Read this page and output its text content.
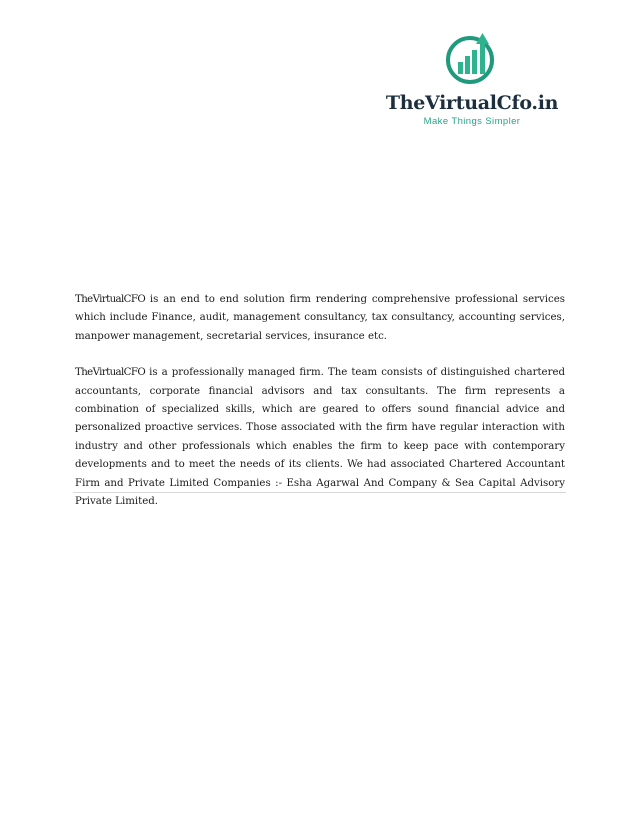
TheVirtualCfo.in
Make Things Simpler

TheVirtualCFO is an end to end solution firm rendering comprehensive professional services which include Finance, audit, management consultancy, tax consultancy, accounting services, manpower management, secretarial services, insurance etc.

TheVirtualCFO is a professionally managed firm. The team consists of distinguished chartered accountants, corporate financial advisors and tax consultants. The firm represents a combination of specialized skills, which are geared to offers sound financial advice and personalized proactive services. Those associated with the firm have regular interaction with industry and other professionals which enables the firm to keep pace with contemporary developments and to meet the needs of its clients. We had associated Chartered Accountant Firm and Private Limited Companies :- Esha Agarwal And Company & Sea Capital Advisory Private Limited.
